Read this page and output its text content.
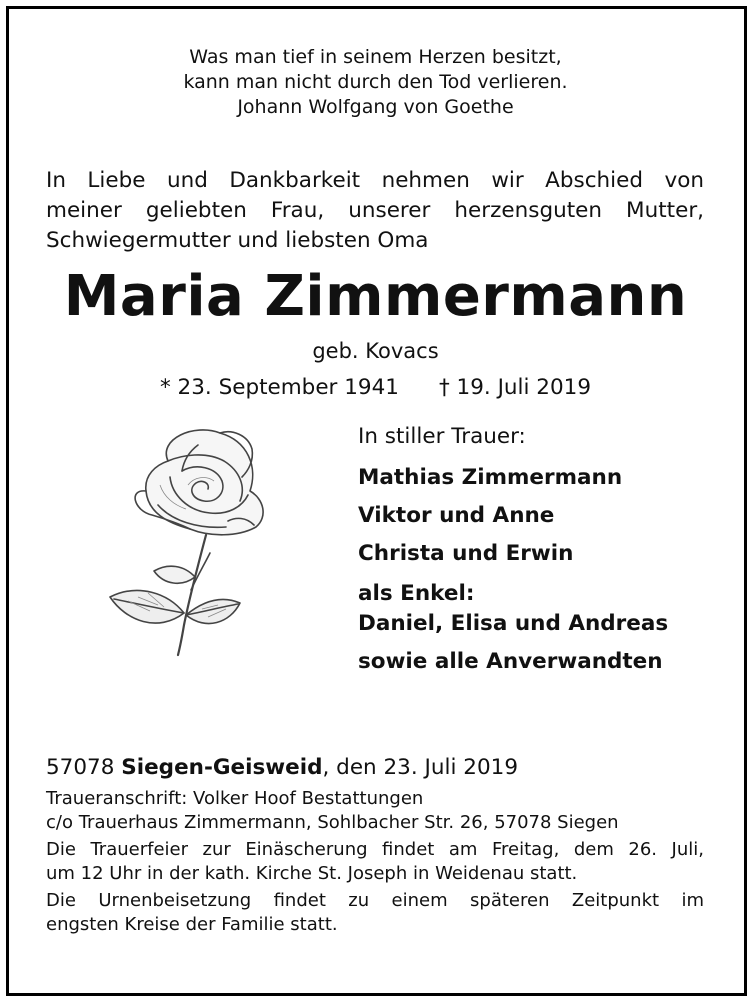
Was man tief in seinem Herzen besitzt,
kann man nicht durch den Tod verlieren.
Johann Wolfgang von Goethe
In Liebe und Dankbarkeit nehmen wir Abschied von
meiner geliebten Frau, unserer herzensguten Mutter,
Schwiegermutter und liebsten Oma
Maria Zimmermann
geb. Kovacs
* 23. September 1941 † 19. Juli 2019
In stiller Trauer:
Mathias Zimmermann
Viktor und Anne
Christa und Erwin
als Enkel:
Daniel, Elisa und Andreas
sowie alle Anverwandten
57078 Siegen-Geisweid, den 23. Juli 2019
Traueranschrift: Volker Hoof Bestattungen
c/o Trauerhaus Zimmermann, Sohlbacher Str. 26, 57078 Siegen
Die Trauerfeier zur Einäscherung findet am Freitag, dem 26. Juli,
um 12 Uhr in der kath. Kirche St. Joseph in Weidenau statt.
Die Urnenbeisetzung findet zu einem späteren Zeitpunkt im
engsten Kreise der Familie statt.
